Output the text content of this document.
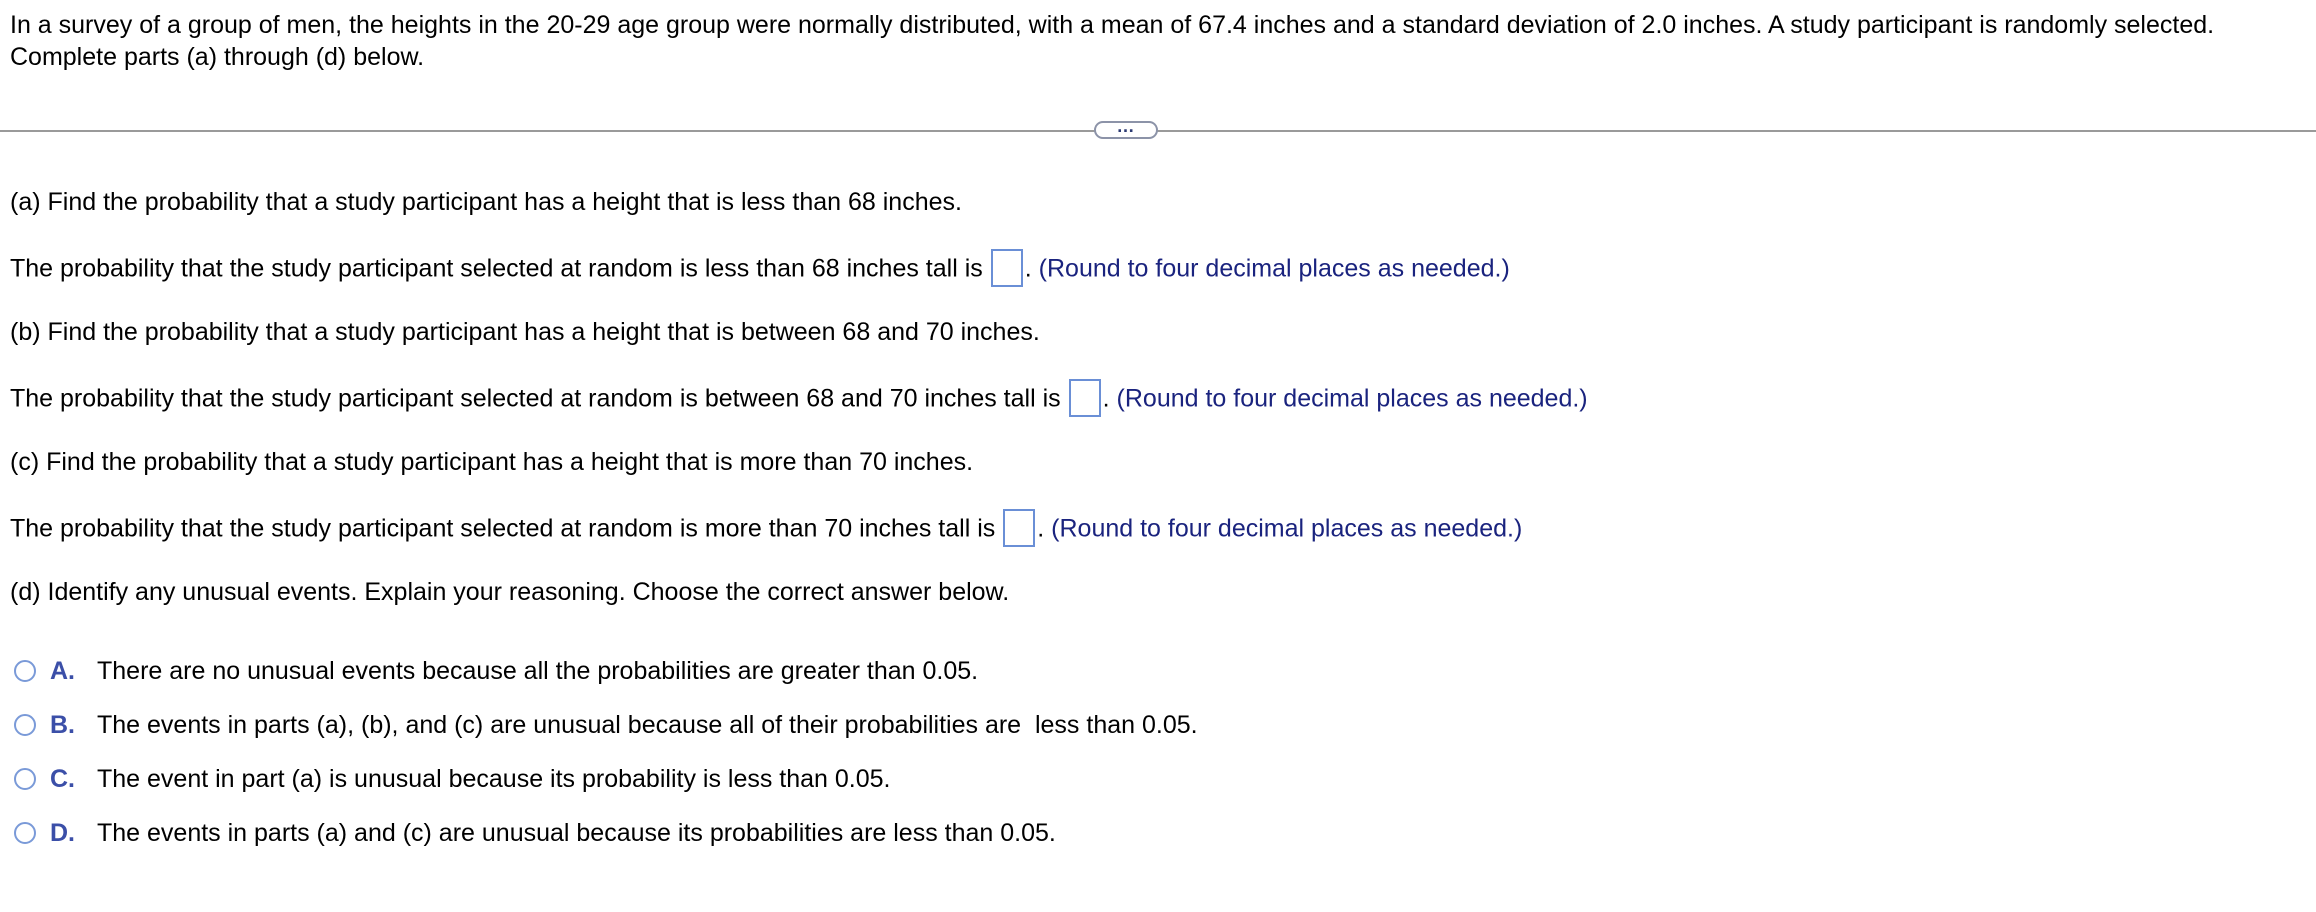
In a survey of a group of men, the heights in the 20-29 age group were normally distributed, with a mean of 67.4 inches and a standard deviation of 2.0 inches. A study participant is randomly selected. Complete parts (a) through (d) below.

…

(a) Find the probability that a study participant has a height that is less than 68 inches.

The probability that the study participant selected at random is less than 68 inches tall is . (Round to four decimal places as needed.)

(b) Find the probability that a study participant has a height that is between 68 and 70 inches.

The probability that the study participant selected at random is between 68 and 70 inches tall is . (Round to four decimal places as needed.)

(c) Find the probability that a study participant has a height that is more than 70 inches.

The probability that the study participant selected at random is more than 70 inches tall is . (Round to four decimal places as needed.)

(d) Identify any unusual events. Explain your reasoning. Choose the correct answer below.

A. There are no unusual events because all the probabilities are greater than 0.05.
B. The events in parts (a), (b), and (c) are unusual because all of their probabilities are  less than 0.05.
C. The event in part (a) is unusual because its probability is less than 0.05.
D. The events in parts (a) and (c) are unusual because its probabilities are less than 0.05.
